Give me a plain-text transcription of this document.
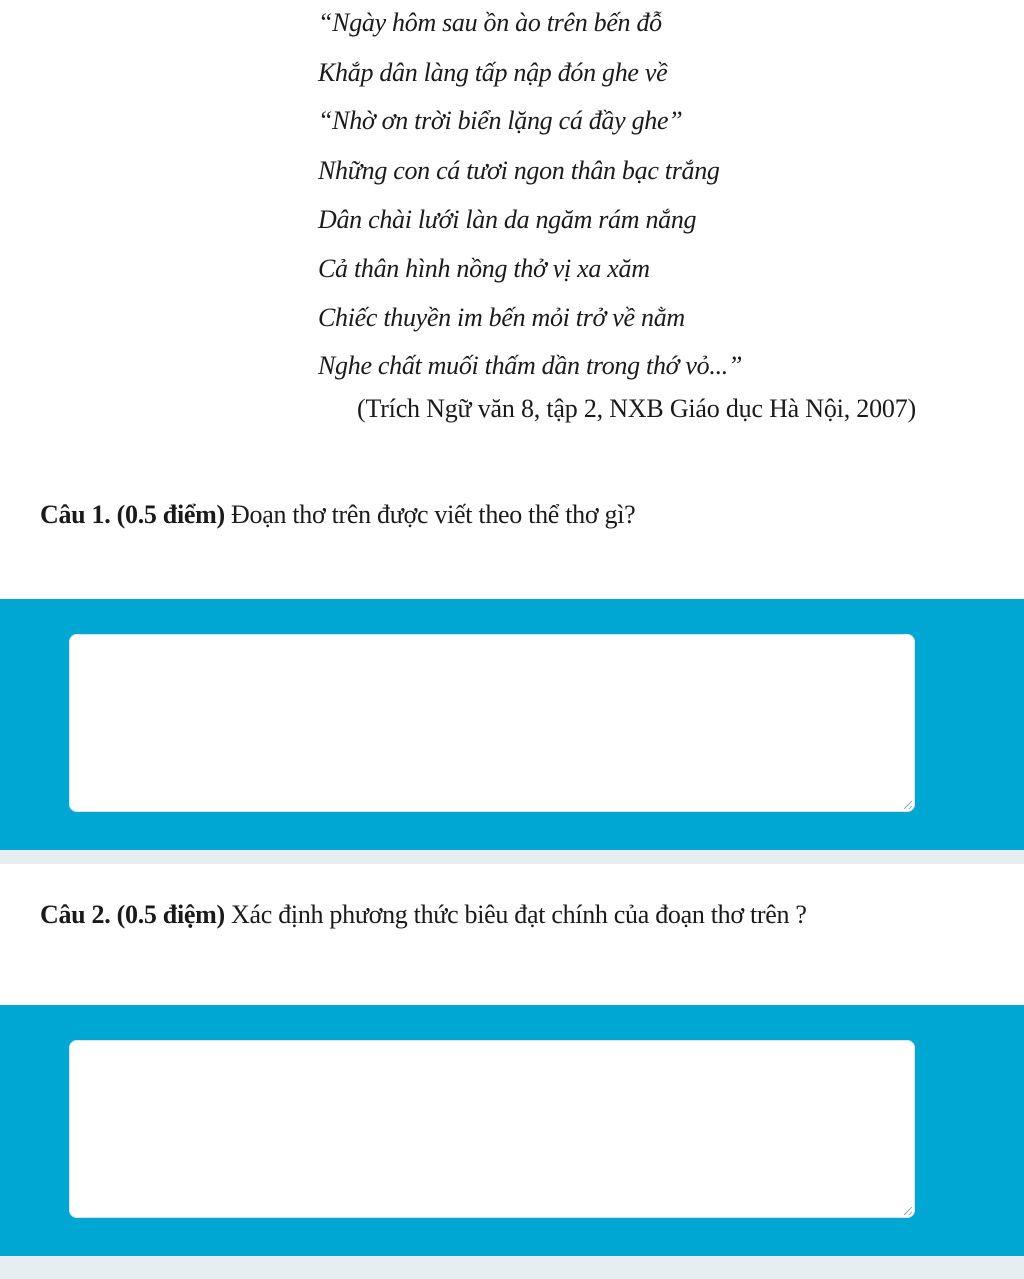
“Ngày hôm sau ồn ào trên bến đỗ
Khắp dân làng tấp nập đón ghe về
“Nhờ ơn trời biển lặng cá đầy ghe”
Những con cá tươi ngon thân bạc trắng
Dân chài lưới làn da ngăm rám nắng
Cả thân hình nồng thở vị xa xăm
Chiếc thuyền im bến mỏi trở về nằm
Nghe chất muối thấm dần trong thớ vỏ...”
(Trích Ngữ văn 8, tập 2, NXB Giáo dục Hà Nội, 2007)
Câu 1. (0.5 điểm) Đoạn thơ trên được viết theo thể thơ gì?
Câu 2. (0.5 điệm) Xác định phương thức biêu đạt chính của đoạn thơ trên ?
